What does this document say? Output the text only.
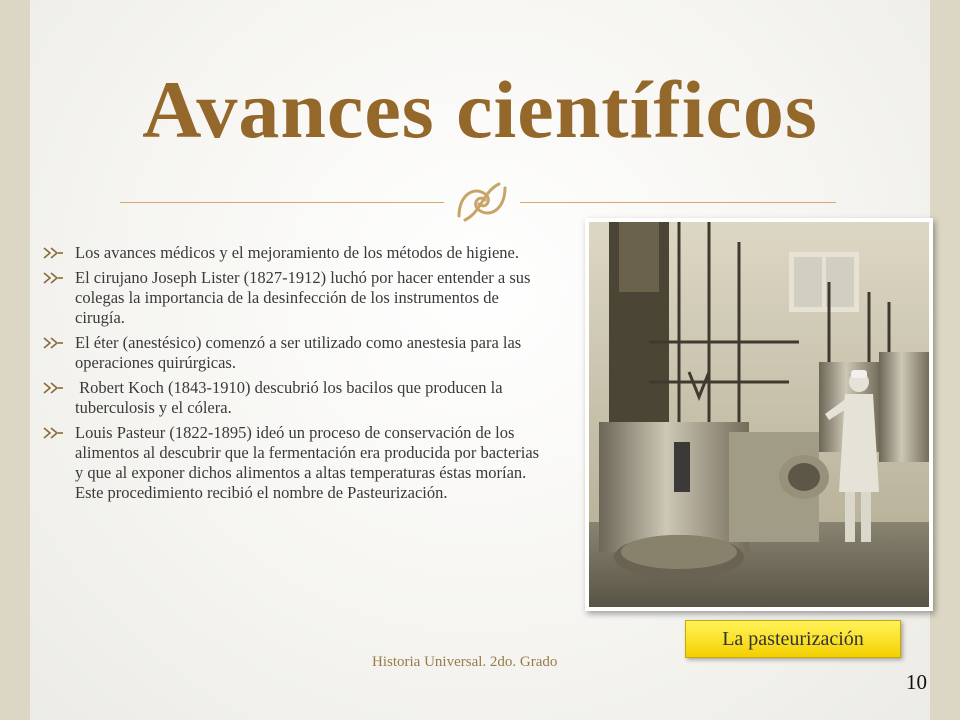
Avances científicos
Los avances médicos y el mejoramiento de los métodos de higiene.
El cirujano Joseph Lister (1827-1912) luchó por hacer entender a sus colegas la importancia de la desinfección de los instrumentos de cirugía.
El éter (anestésico) comenzó a ser utilizado como anestesia para las operaciones quirúrgicas.
Robert Koch (1843-1910) descubrió los bacilos que producen la tuberculosis y el cólera.
Louis Pasteur (1822-1895) ideó un proceso de conservación de los alimentos al descubrir que la fermentación era producida por bacterias y que al exponer dichos alimentos a altas temperaturas éstas morían. Este procedimiento recibió el nombre de Pasteurización.
La pasteurización
Historia Universal. 2do. Grado
10
